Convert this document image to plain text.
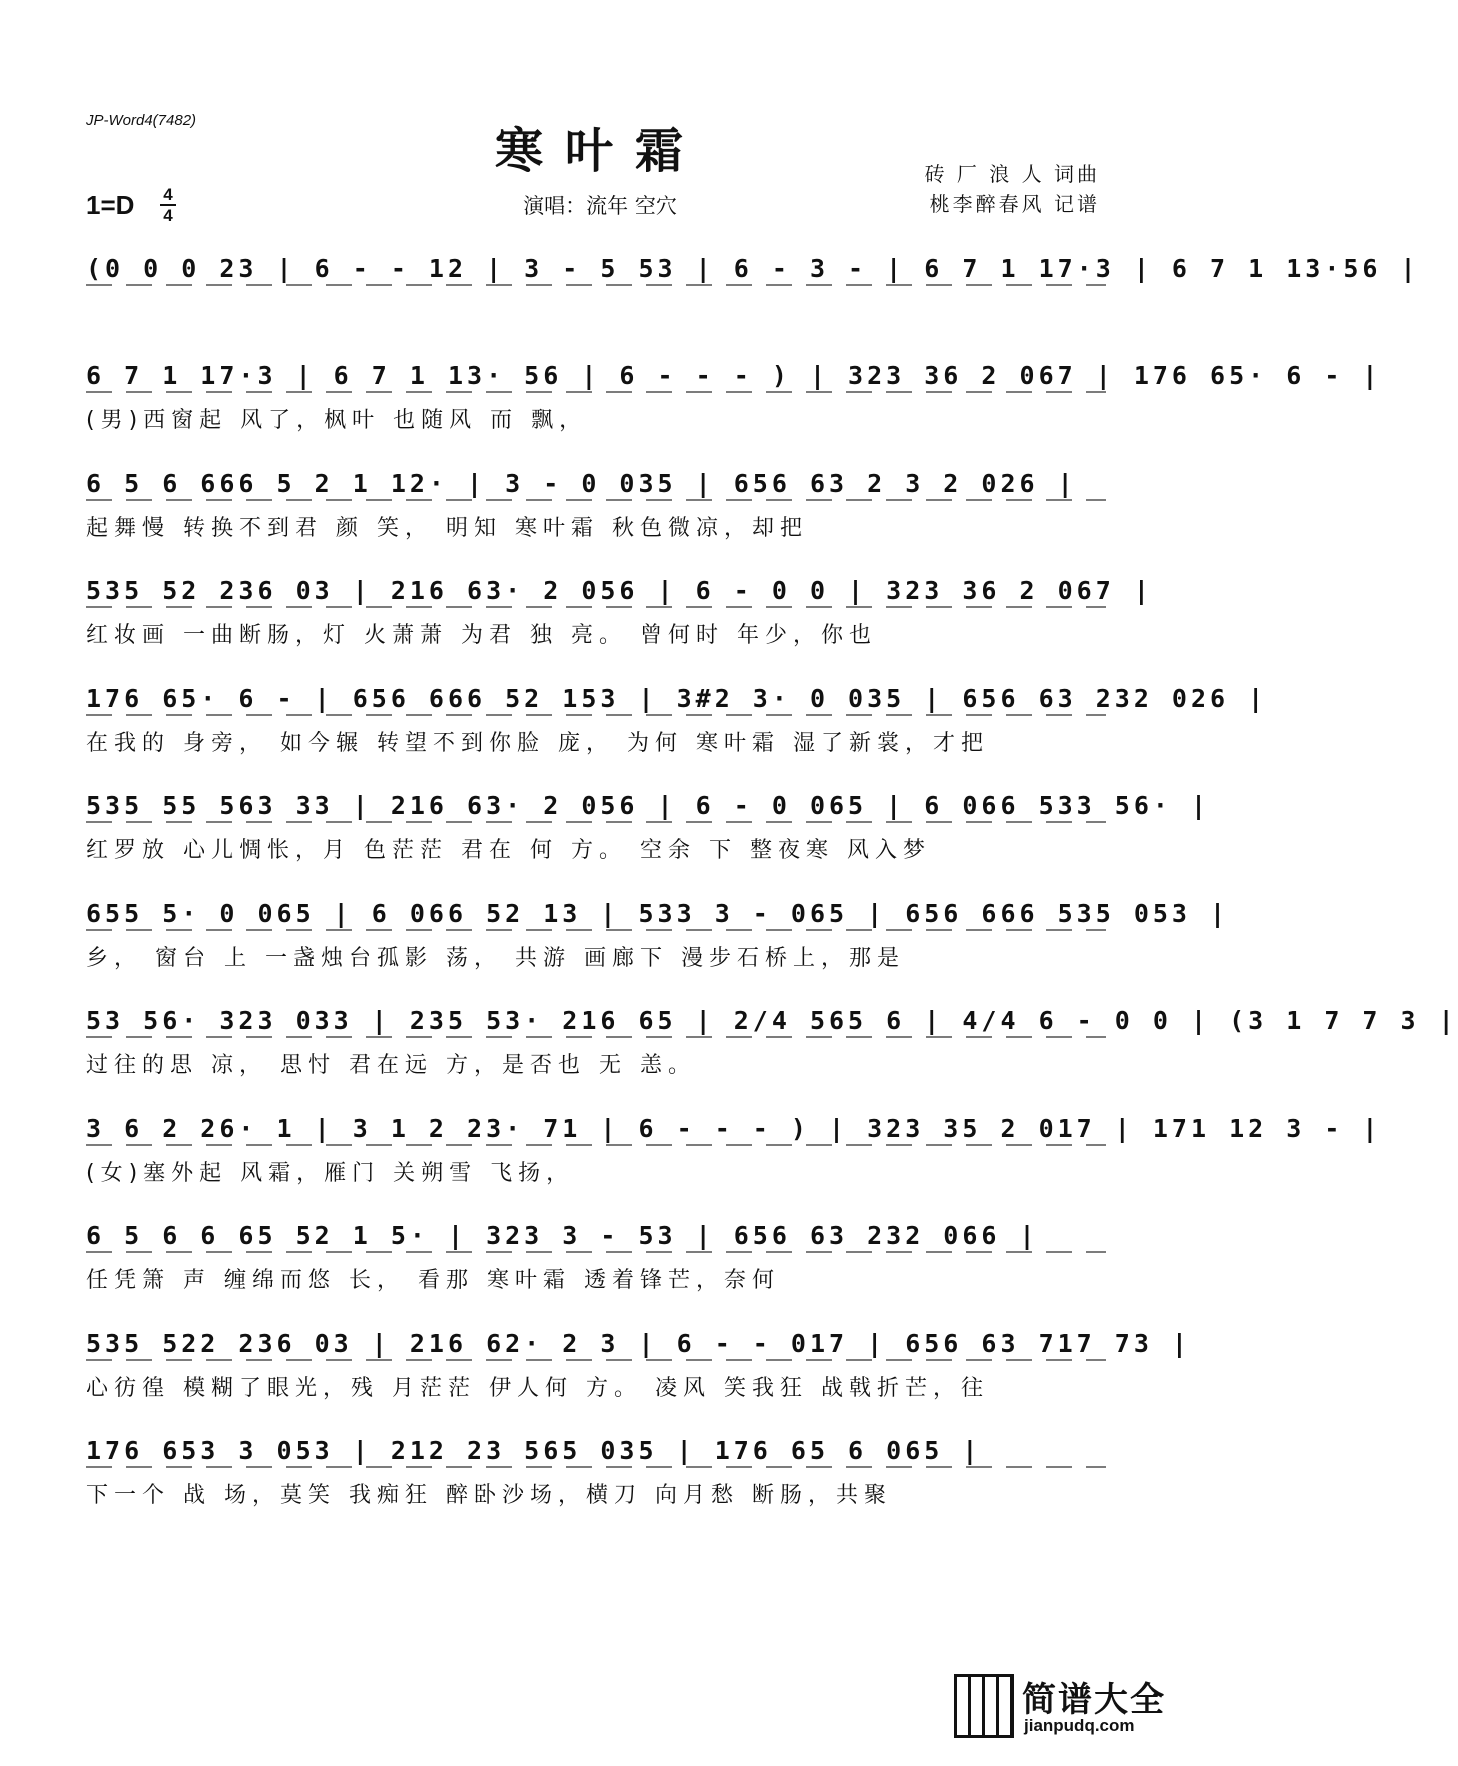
JP-Word4(7482)
寒叶霜
1=D 4
4	演唱：流年 空穴
砖 厂 浪 人 词曲
桃李醉春风 记谱
(0 0 0 23 | 6 - - 12 | 3 - 5 53 | 6 - 3 - | 6 7 1 17·3 | 6 7 1 13·56 |
6 7 1 17·3 | 6 7 1 13· 56 | 6 - - - ) | 323 36 2 067 | 176 65· 6 - |
(男)西窗起 风了，枫叶 也随风 而 飘，
6 5 6 666 5 2 1 12· | 3 - 0 035 | 656 63 2 3 2 026 |
起舞慢 转换不到君 颜 笑， 明知 寒叶霜 秋色微凉，却把
535 52 236 03 | 216 63· 2 056 | 6 - 0 0 | 323 36 2 067 |
红妆画 一曲断肠，灯 火萧萧 为君 独 亮。 曾何时 年少，你也
176 65· 6 - | 656 666 52 153 | 3#2 3· 0 035 | 656 63 232 026 |
在我的 身旁， 如今辗 转望不到你脸 庞， 为何 寒叶霜 湿了新裳，才把
535 55 563 33 | 216 63· 2 056 | 6 - 0 065 | 6 066 533 56· |
红罗放 心儿惆怅，月 色茫茫 君在 何 方。 空余 下 整夜寒 风入梦
655 5· 0 065 | 6 066 52 13 | 533 3 - 065 | 656 666 535 053 |
乡， 窗台 上 一盏烛台孤影 荡， 共游 画廊下 漫步石桥上，那是
53 56· 323 033 | 235 53· 216 65 | 2/4 565 6 | 4/4 6 - 0 0 | (3 1 7 7 3 |
过往的思 凉， 思忖 君在远 方，是否也 无 恙。
3 6 2 26· 1 | 3 1 2 23· 71 | 6 - - - ) | 323 35 2 017 | 171 12 3 - |
(女)塞外起 风霜，雁门 关朔雪 飞扬，
6 5 6 6 65 52 1 5· | 323 3 - 53 | 656 63 232 066 |
任凭箫 声 缠绵而悠 长， 看那 寒叶霜 透着锋芒，奈何
535 522 236 03 | 216 62· 2 3 | 6 - - 017 | 656 63 717 73 |
心彷徨 模糊了眼光，残 月茫茫 伊人何 方。 凌风 笑我狂 战戟折芒，往
176 653 3 053 | 212 23 565 035 | 176 65 6 065 |
下一个 战 场，莫笑 我痴狂 醉卧沙场，横刀 向月愁 断肠，共聚
简谱大全
jianpudq.com
